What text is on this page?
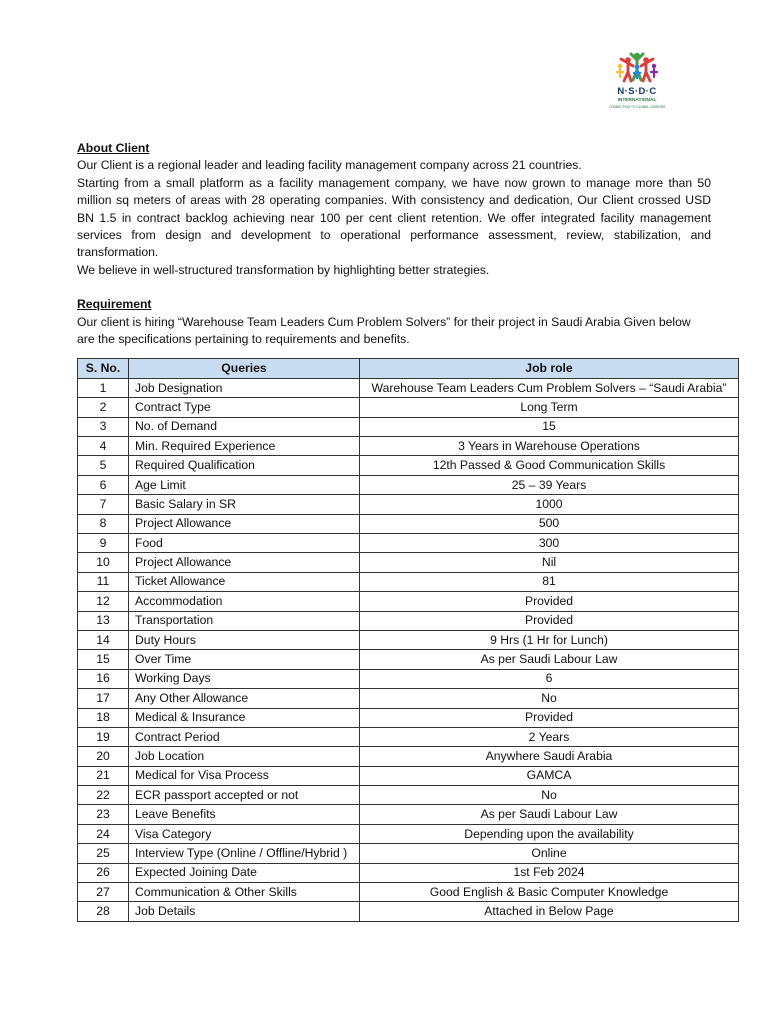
N·S·D·C
INTERNATIONAL
CONNECTING TO GLOBAL CAREERS
About Client
Our Client is a regional leader and leading facility management company across 21 countries.
Starting from a small platform as a facility management company, we have now grown to manage more than 50 million sq meters of areas with 28 operating companies. With consistency and dedication, Our Client crossed USD BN 1.5 in contract backlog achieving near 100 per cent client retention. We offer integrated facility management services from design and development to operational performance assessment, review, stabilization, and transformation.
We believe in well-structured transformation by highlighting better strategies.
Requirement
Our client is hiring “Warehouse Team Leaders Cum Problem Solvers” for their project in Saudi Arabia Given below are the specifications pertaining to requirements and benefits.
S. No.	Queries	Job role
1	Job Designation	Warehouse Team Leaders Cum Problem Solvers – “Saudi Arabia”
2	Contract Type	Long Term
3	No. of Demand	15
4	Min. Required Experience	3 Years in Warehouse Operations
5	Required Qualification	12th Passed & Good Communication Skills
6	Age Limit	25 – 39 Years
7	Basic Salary in SR	1000
8	Project Allowance	500
9	Food	300
10	Project Allowance	Nil
11	Ticket Allowance	81
12	Accommodation	Provided
13	Transportation	Provided
14	Duty Hours	9 Hrs (1 Hr for Lunch)
15	Over Time	As per Saudi Labour Law
16	Working Days	6
17	Any Other Allowance	No
18	Medical & Insurance	Provided
19	Contract Period	2 Years
20	Job Location	Anywhere Saudi Arabia
21	Medical for Visa Process	GAMCA
22	ECR passport accepted or not	No
23	Leave Benefits	As per Saudi Labour Law
24	Visa Category	Depending upon the availability
25	Interview Type (Online / Offline/Hybrid )	Online
26	Expected Joining Date	1st Feb 2024
27	Communication & Other Skills	Good English & Basic Computer Knowledge
28	Job Details	Attached in Below Page
